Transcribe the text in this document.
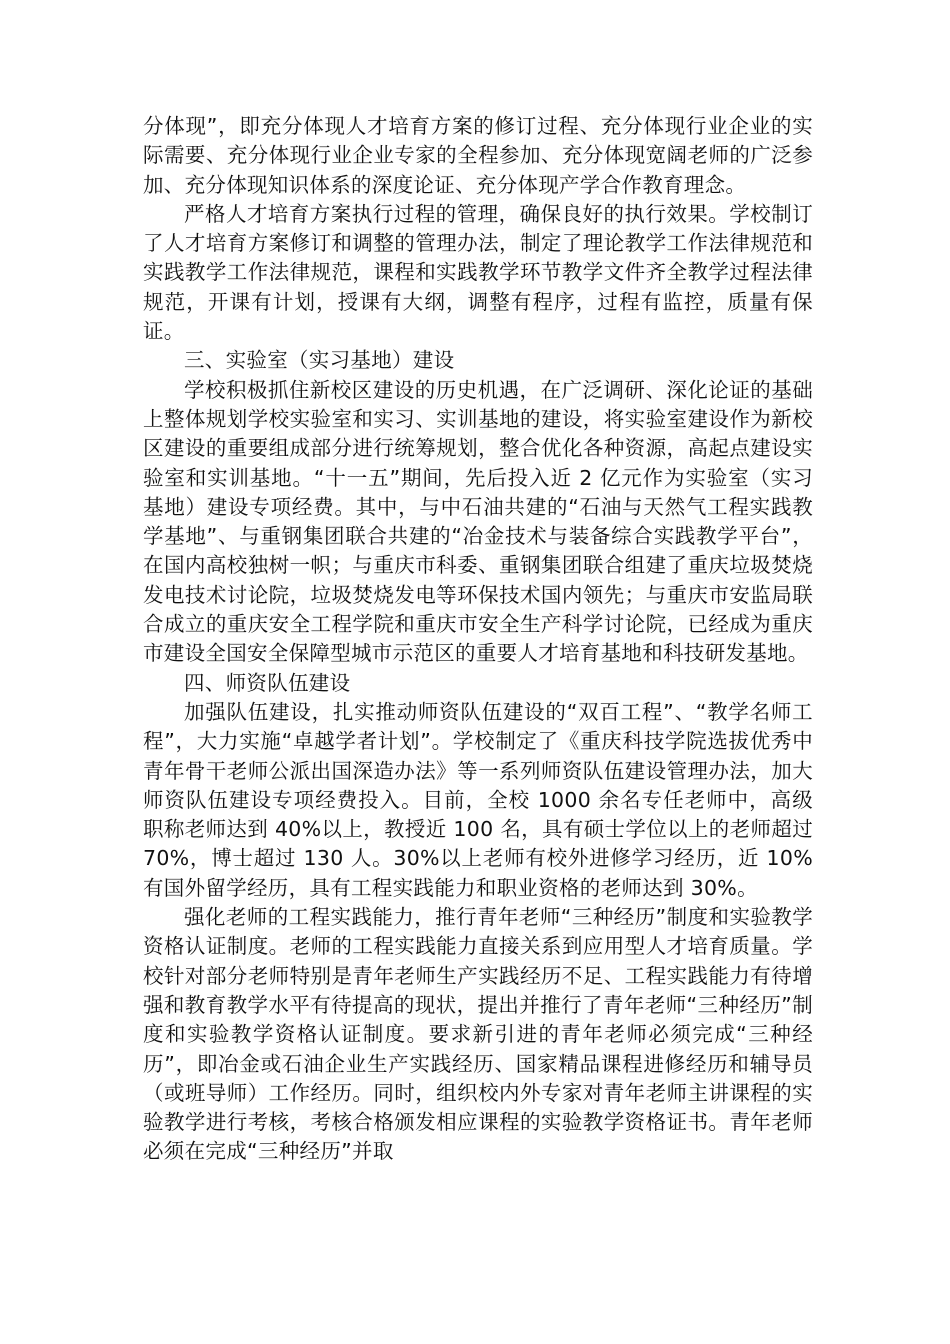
分体现”，即充分体现人才培育方案的修订过程、充分体现行业企业的实际需要、充分体现行业企业专家的全程参加、充分体现宽阔老师的广泛参加、充分体现知识体系的深度论证、充分体现产学合作教育理念。

严格人才培育方案执行过程的管理，确保良好的执行效果。学校制订了人才培育方案修订和调整的管理办法，制定了理论教学工作法律规范和实践教学工作法律规范，课程和实践教学环节教学文件齐全教学过程法律规范，开课有计划，授课有大纲，调整有程序，过程有监控，质量有保证。

三、实验室（实习基地）建设

学校积极抓住新校区建设的历史机遇，在广泛调研、深化论证的基础上整体规划学校实验室和实习、实训基地的建设，将实验室建设作为新校区建设的重要组成部分进行统筹规划，整合优化各种资源，高起点建设实验室和实训基地。“十一五”期间，先后投入近 2 亿元作为实验室（实习基地）建设专项经费。其中，与中石油共建的“石油与天然气工程实践教学基地”、与重钢集团联合共建的“冶金技术与装备综合实践教学平台”，在国内高校独树一帜；与重庆市科委、重钢集团联合组建了重庆垃圾焚烧发电技术讨论院，垃圾焚烧发电等环保技术国内领先；与重庆市安监局联合成立的重庆安全工程学院和重庆市安全生产科学讨论院，已经成为重庆市建设全国安全保障型城市示范区的重要人才培育基地和科技研发基地。

四、师资队伍建设

加强队伍建设，扎实推动师资队伍建设的“双百工程”、“教学名师工程”，大力实施“卓越学者计划”。学校制定了《重庆科技学院选拔优秀中青年骨干老师公派出国深造办法》等一系列师资队伍建设管理办法，加大师资队伍建设专项经费投入。目前，全校 1000 余名专任老师中，高级职称老师达到 40%以上，教授近 100 名，具有硕士学位以上的老师超过 70%，博士超过 130 人。30%以上老师有校外进修学习经历，近 10%有国外留学经历，具有工程实践能力和职业资格的老师达到 30%。

强化老师的工程实践能力，推行青年老师“三种经历”制度和实验教学资格认证制度。老师的工程实践能力直接关系到应用型人才培育质量。学校针对部分老师特别是青年老师生产实践经历不足、工程实践能力有待增强和教育教学水平有待提高的现状，提出并推行了青年老师“三种经历”制度和实验教学资格认证制度。要求新引进的青年老师必须完成“三种经历”，即冶金或石油企业生产实践经历、国家精品课程进修经历和辅导员（或班导师）工作经历。同时，组织校内外专家对青年老师主讲课程的实验教学进行考核，考核合格颁发相应课程的实验教学资格证书。青年老师必须在完成“三种经历”并取
